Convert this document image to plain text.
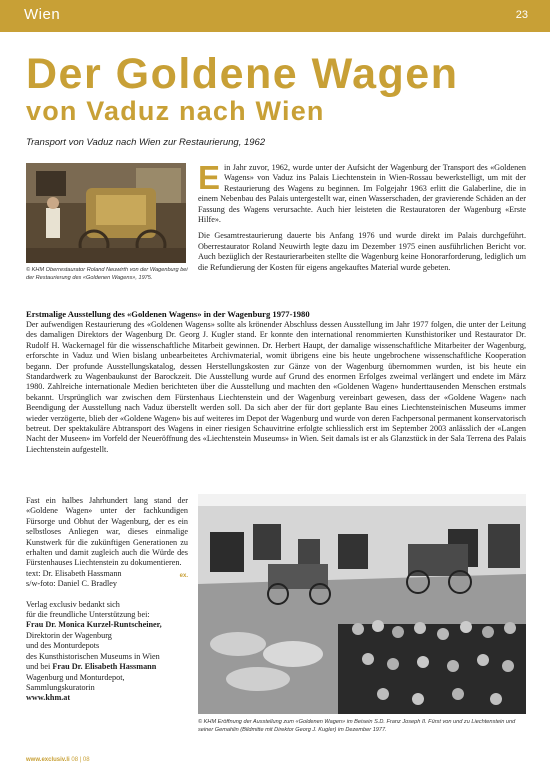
Wien	23
Der Goldene Wagen
von Vaduz nach Wien
Transport von Vaduz nach Wien zur Restaurierung, 1962
© KHM Oberrestaurator Roland Neuwirth von der Wagenburg bei der Restaurierung des «Goldenen Wagens», 1975.

Ein Jahr zuvor, 1962, wurde unter der Aufsicht der Wagenburg der Transport des «Goldenen Wagens» von Vaduz ins Palais Liechtenstein in Wien-Rossau bewerkstelligt, um mit der Restaurierung des Wagens zu beginnen. Im Folgejahr 1963 erlitt die Galaberline, die in einem Nebenbau des Palais untergestellt war, einen Wasserschaden, der gravierende Schäden an der Fassung des Wagens verursachte. Auch hier leisteten die Restauratoren der Wagenburg «Erste Hilfe».

Die Gesamtrestaurierung dauerte bis Anfang 1976 und wurde direkt im Palais durchgeführt. Oberrestaurator Roland Neuwirth legte dazu im Dezember 1975 einen ausführlichen Bericht vor. Auch bezüglich der Restaurierarbeiten stellte die Wagenburg keine Honorarforderung, lediglich um die Refundierung der Kosten für eigens angekauftes Material wurde gebeten.

Erstmalige Ausstellung des «Goldenen Wagens» in der Wagenburg 1977-1980
Der aufwendigen Restaurierung des «Goldenen Wagens» sollte als krönender Abschluss dessen Ausstellung im Jahr 1977 folgen, die unter der Leitung des damaligen Direktors der Wagenburg Dr. Georg J. Kugler stand. Er konnte den international renommierten Kunsthistoriker und Restaurator Dr. Rudolf H. Wackernagel für die wissenschaftliche Mitarbeit gewinnen. Dr. Herbert Haupt, der damalige wissenschaftliche Mitarbeiter der Wagenburg, erforschte in Vaduz und Wien bislang unbearbeitetes Archivmaterial, womit übrigens eine bis heute ungebrochene wissenschaftliche Kooperation begann. Der profunde Ausstellungskatalog, dessen Herstellungskosten zur Gänze von der Wagenburg übernommen wurden, ist bis heute ein Standardwerk zu Wagenbaukunst der Barockzeit. Die Ausstellung wurde auf Grund des enormen Erfolges zweimal verlängert und endete im März 1980. Zahlreiche internationale Medien berichteten über die Ausstellung und machten den «Goldenen Wagen» hunderttausenden Menschen erstmals bekannt. Ursprünglich war zwischen dem Fürstenhaus Liechtenstein und der Wagenburg vereinbart gewesen, dass der «Goldene Wagen» nach Beendigung der Ausstellung nach Vaduz überstellt werden soll. Da sich aber der für dort geplante Bau eines Liechtensteinischen Museums immer wieder verzögerte, blieb der «Goldene Wagen» bis auf weiteres im Depot der Wagenburg und wurde von deren Fachpersonal permanent konservatorisch betreut. Der spektakuläre Abtransport des Wagens in einer riesigen Schauvitrine erfolgte schliesslich erst im September 2003 anlässlich der «Langen Nacht der Museen» im Vorfeld der Neueröffnung des «Liechtenstein Museums» in Wien. Seit damals ist er als Glanzstück in der Sala Terrena des Palais Liechtenstein aufgestellt.
Fast ein halbes Jahrhundert lang stand der «Goldene Wagen» unter der fachkundigen Fürsorge und Obhut der Wagenburg, der es ein selbstloses Anliegen war, dieses einmalige Kunstwerk für die zukünftigen Generationen zu erhalten und damit zugleich auch die Würde des Fürstenhauses Liechtenstein zu dokumentieren.
ex.
text: Dr. Elisabeth Hassmann
s/w-foto: Daniel C. Bradley
Verlag exclusiv bedankt sich
für die freundliche Unterstützung bei:
Frau Dr. Monica Kurzel-Runtscheiner,
Direktorin der Wagenburg
und des Monturdepots
des Kunsthistorischen Museums in Wien
und bei Frau Dr. Elisabeth Hassmann
Wagenburg und Monturdepot,
Sammlungskuratorin
www.khm.at
© KHM Eröffnung der Ausstellung zum «Goldenen Wagen» im Beisein S.D. Franz Joseph II. Fürst von und zu Liechtenstein und seiner Gemahlin (Bildmitte mit Direktor Georg J. Kugler) im Dezember 1977.
www.exclusiv.li 08 | 08
